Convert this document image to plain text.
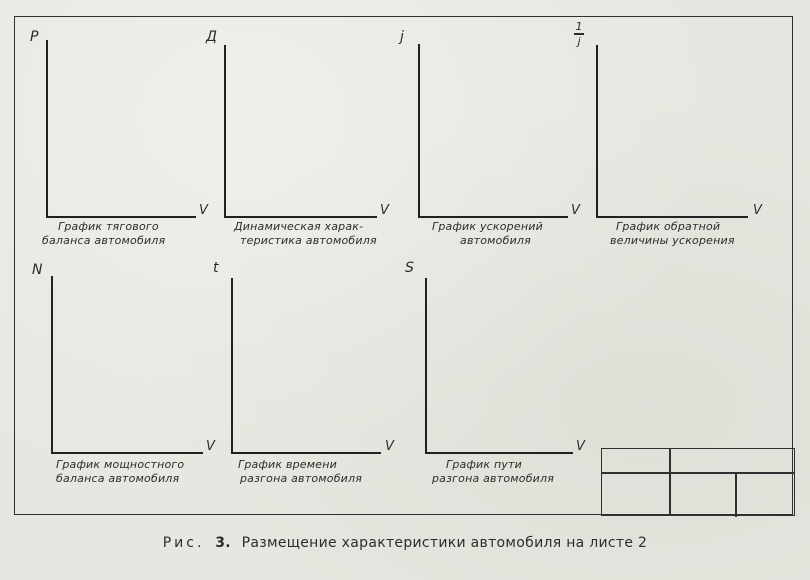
P
V
График тягового
баланса автомобиля
Д
V
Динамическая харак-
теристика автомобиля
j
V
График ускорений
автомобиля
1
j
V
График обратной
величины ускорения
N
V
График мощностного
баланса автомобиля
t
V
График времени
разгона автомобиля
S
V
График пути
разгона автомобиля
Рис. 3. Размещение характеристики автомобиля на листе 2
